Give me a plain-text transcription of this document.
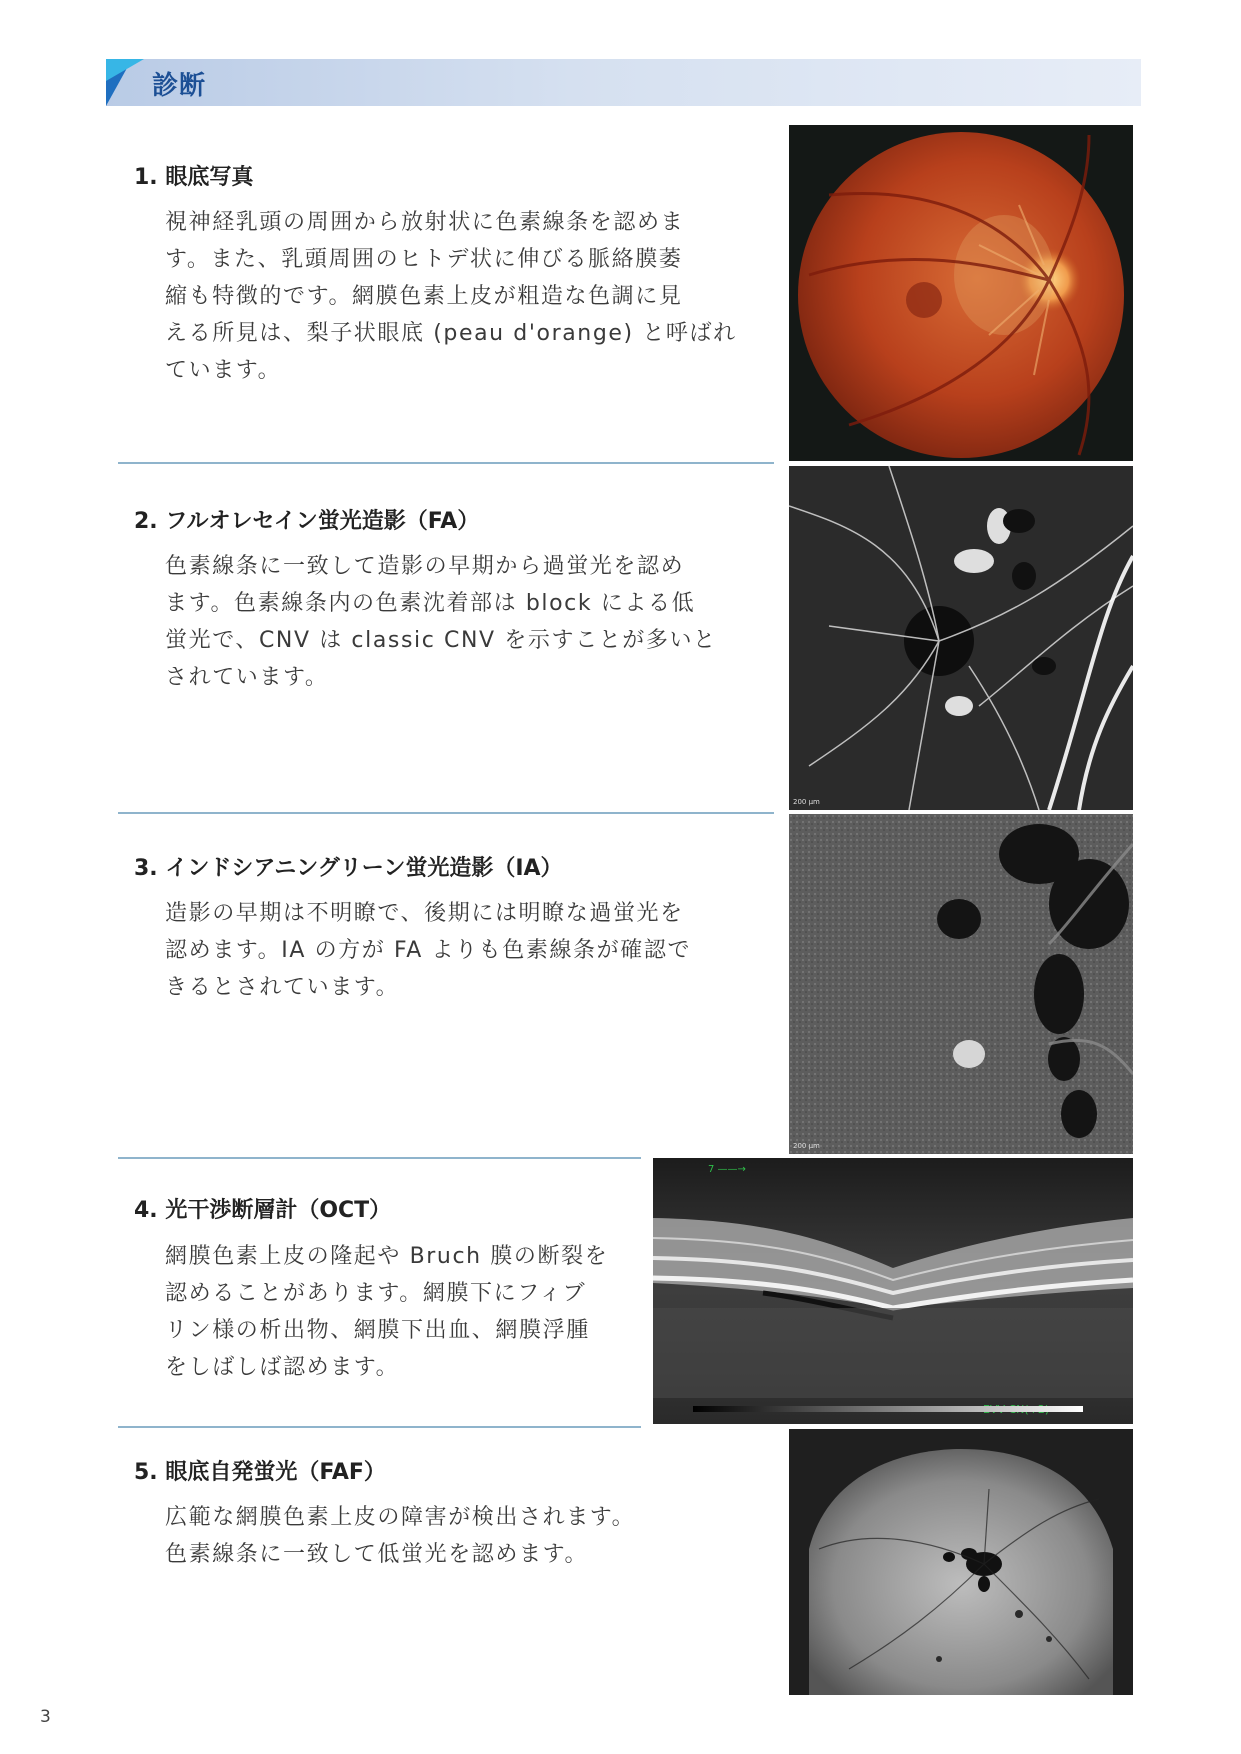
診断
1. 眼底写真
視神経乳頭の周囲から放射状に色素線条を認めま
す。また、乳頭周囲のヒトデ状に伸びる脈絡膜萎
縮も特徴的です。網膜色素上皮が粗造な色調に見
える所見は、梨子状眼底 (peau d'orange) と呼ばれ
ています。
2. フルオレセイン蛍光造影（FA）
色素線条に一致して造影の早期から過蛍光を認め
ます。色素線条内の色素沈着部は block による低
蛍光で、CNV は classic CNV を示すことが多いと
されています。
200 µm
3. インドシアニングリーン蛍光造影（IA）
造影の早期は不明瞭で、後期には明瞭な過蛍光を
認めます。IA の方が FA よりも色素線条が確認で
きるとされています。
200 µm
4. 光干渉断層計（OCT）
網膜色素上皮の隆起や Bruch 膜の断裂を
認めることがあります。網膜下にフィブ
リン様の析出物、網膜下出血、網膜浮腫
をしばしば認めます。
7 ——→
5. 眼底自発蛍光（FAF）
広範な網膜色素上皮の障害が検出されます。
色素線条に一致して低蛍光を認めます。
3
